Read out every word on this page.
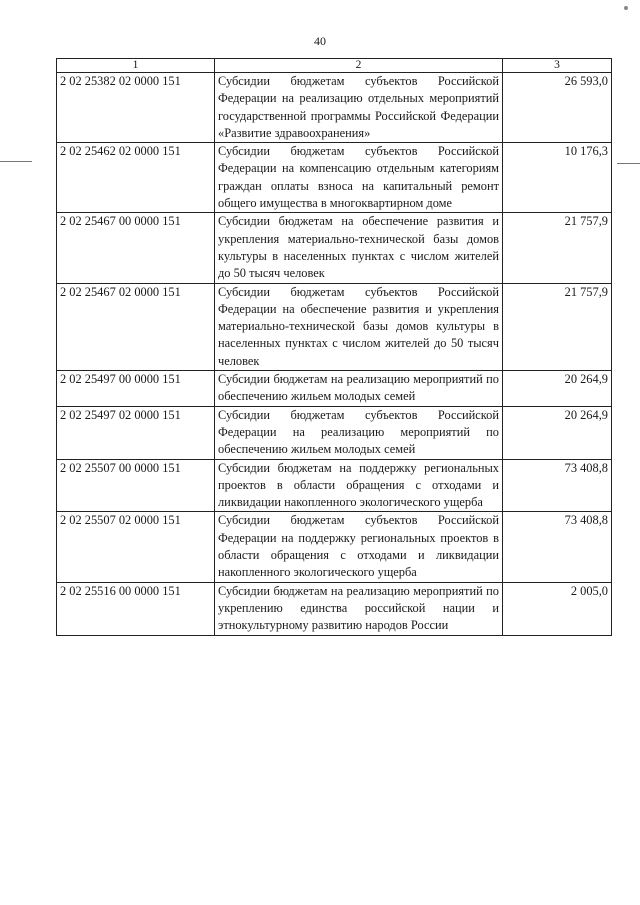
40
1	2	3
2 02 25382 02 0000 151	Субсидии бюджетам субъектов Российской Федерации на реализацию отдельных мероприятий государственной программы Российской Федерации «Развитие здравоохранения»	26 593,0
2 02 25462 02 0000 151	Субсидии бюджетам субъектов Российской Федерации на компенсацию отдельным категориям граждан оплаты взноса на капитальный ремонт общего имущества в многоквартирном доме	10 176,3
2 02 25467 00 0000 151	Субсидии бюджетам на обеспечение развития и укрепления материально-технической базы домов культуры в населенных пунктах с числом жителей до 50 тысяч человек	21 757,9
2 02 25467 02 0000 151	Субсидии бюджетам субъектов Российской Федерации на обеспечение развития и укрепления материально-технической базы домов культуры в населенных пунктах с числом жителей до 50 тысяч человек	21 757,9
2 02 25497 00 0000 151	Субсидии бюджетам на реализацию мероприятий по обеспечению жильем молодых семей	20 264,9
2 02 25497 02 0000 151	Субсидии бюджетам субъектов Российской Федерации на реализацию мероприятий по обеспечению жильем молодых семей	20 264,9
2 02 25507 00 0000 151	Субсидии бюджетам на поддержку региональных проектов в области обращения с отходами и ликвидации накопленного экологического ущерба	73 408,8
2 02 25507 02 0000 151	Субсидии бюджетам субъектов Российской Федерации на поддержку региональных проектов в области обращения с отходами и ликвидации накопленного экологического ущерба	73 408,8
2 02 25516 00 0000 151	Субсидии бюджетам на реализацию мероприятий по укреплению единства российской нации и этнокультурному развитию народов России	2 005,0
